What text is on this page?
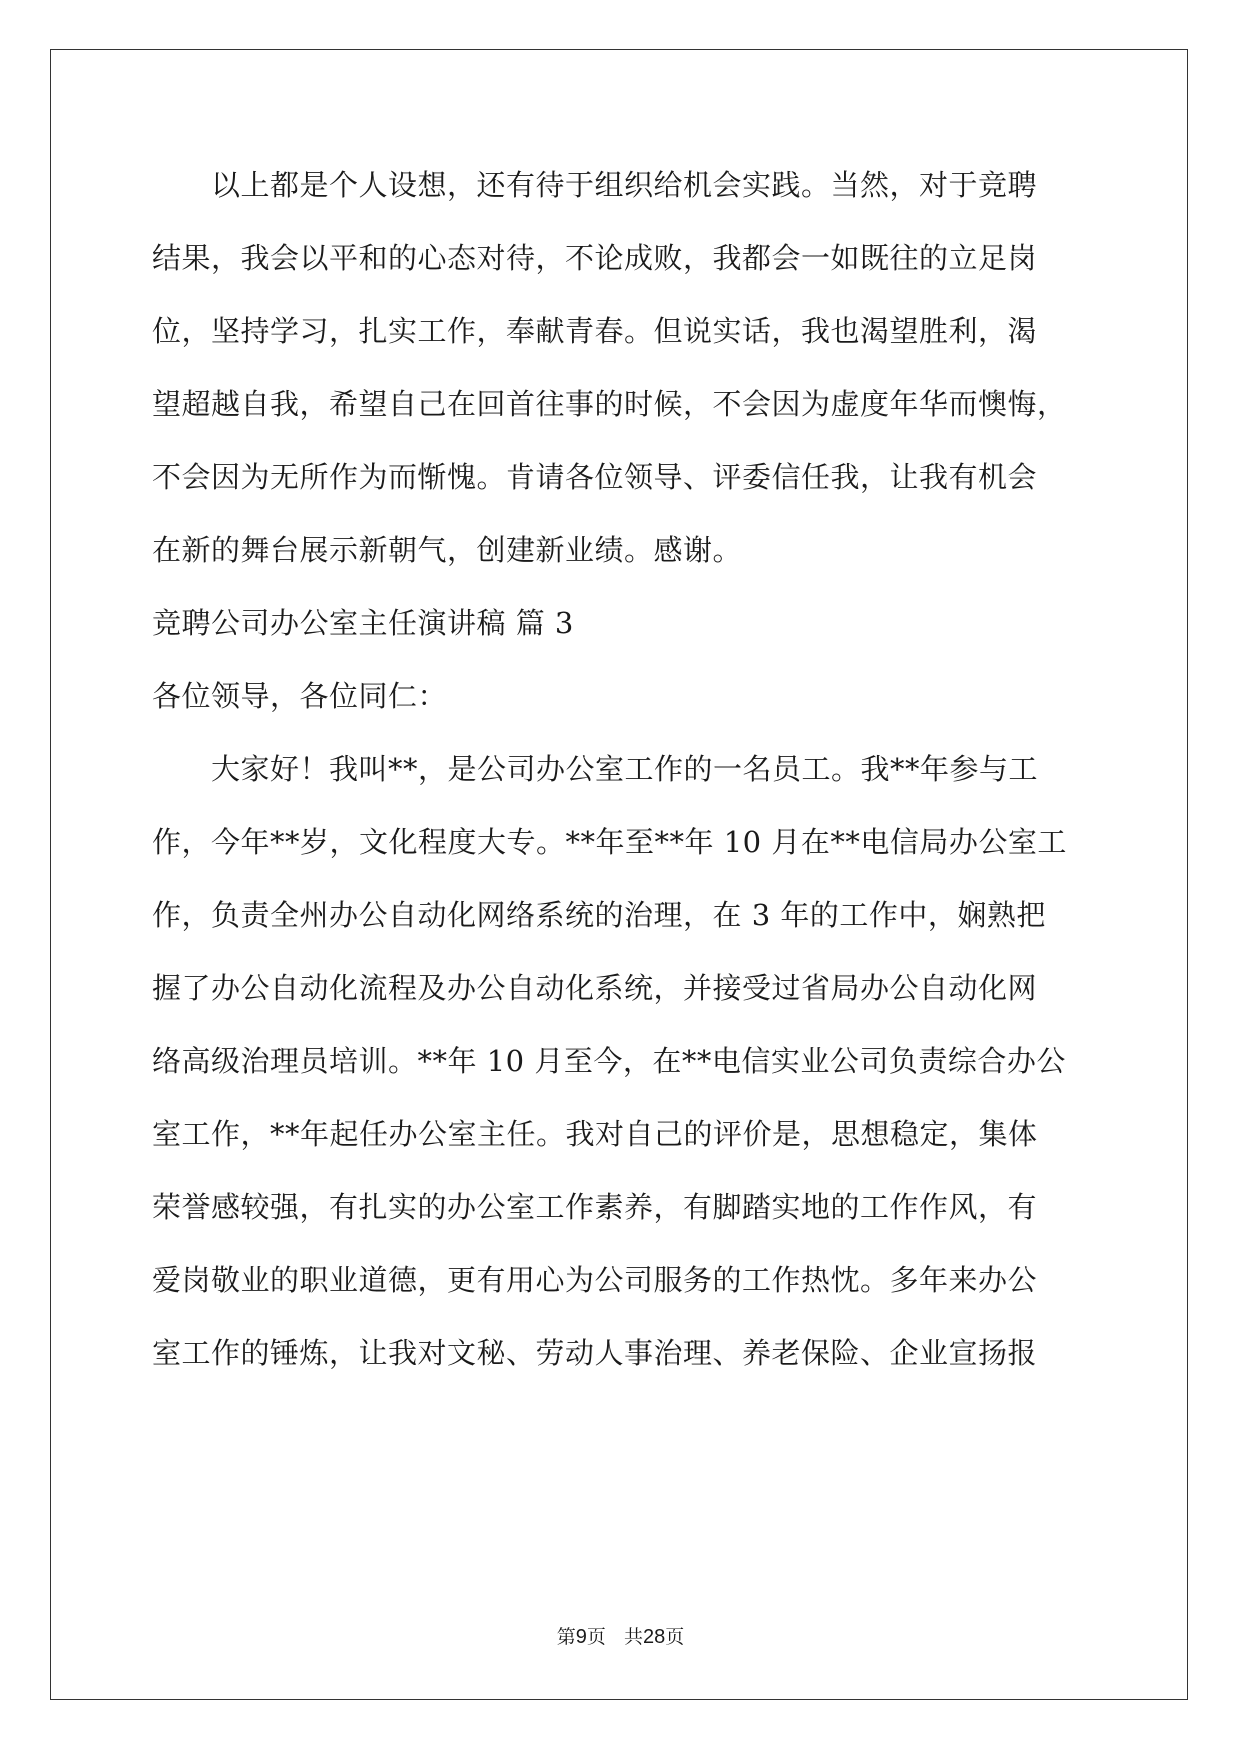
　　以上都是个人设想，还有待于组织给机会实践。当然，对于竞聘
结果，我会以平和的心态对待，不论成败，我都会一如既往的立足岗
位，坚持学习，扎实工作，奉献青春。但说实话，我也渴望胜利，渴
望超越自我，希望自己在回首往事的时候，不会因为虚度年华而懊悔，
不会因为无所作为而惭愧。肯请各位领导、评委信任我，让我有机会
在新的舞台展示新朝气，创建新业绩。感谢。
竞聘公司办公室主任演讲稿 篇 3
各位领导，各位同仁：
　　大家好！我叫**，是公司办公室工作的一名员工。我**年参与工
作，今年**岁，文化程度大专。**年至**年 10 月在**电信局办公室工
作，负责全州办公自动化网络系统的治理，在 3 年的工作中，娴熟把
握了办公自动化流程及办公自动化系统，并接受过省局办公自动化网
络高级治理员培训。**年 10 月至今，在**电信实业公司负责综合办公
室工作，**年起任办公室主任。我对自己的评价是，思想稳定，集体
荣誉感较强，有扎实的办公室工作素养，有脚踏实地的工作作风，有
爱岗敬业的职业道德，更有用心为公司服务的工作热忱。多年来办公
室工作的锤炼，让我对文秘、劳动人事治理、养老保险、企业宣扬报
第9页 共28页
